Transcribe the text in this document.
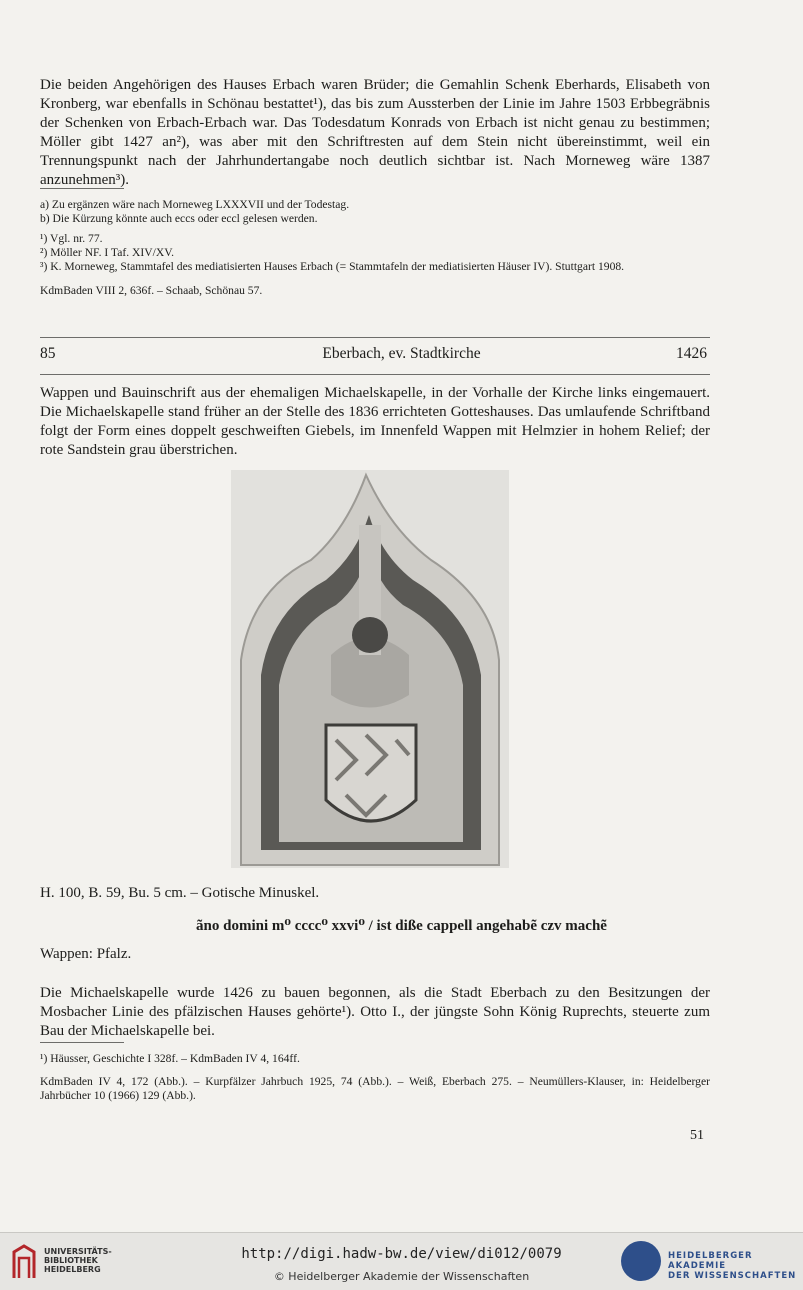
Die beiden Angehörigen des Hauses Erbach waren Brüder; die Gemahlin Schenk Eberhards, Elisabeth von Kronberg, war ebenfalls in Schönau bestattet¹), das bis zum Aussterben der Linie im Jahre 1503 Erbbegräbnis der Schenken von Erbach-Erbach war. Das Todesdatum Konrads von Erbach ist nicht genau zu bestimmen; Möller gibt 1427 an²), was aber mit den Schriftresten auf dem Stein nicht übereinstimmt, weil ein Trennungspunkt nach der Jahrhundertangabe noch deutlich sichtbar ist. Nach Morneweg wäre 1387 anzunehmen³).

a) Zu ergänzen wäre nach Morneweg LXXXVII und der Todestag.

b) Die Kürzung könnte auch eccs oder eccl gelesen werden.

¹) Vgl. nr. 77.

²) Möller NF. I Taf. XIV/XV.

³) K. Morneweg, Stammtafel des mediatisierten Hauses Erbach (= Stammtafeln der mediatisierten Häuser IV). Stuttgart 1908.

KdmBaden VIII 2, 636f. – Schaab, Schönau 57.

85	Eberbach, ev. Stadtkirche	1426

Wappen und Bauinschrift aus der ehemaligen Michaelskapelle, in der Vorhalle der Kirche links eingemauert. Die Michaelskapelle stand früher an der Stelle des 1836 errichteten Gotteshauses. Das umlaufende Schriftband folgt der Form eines doppelt geschweiften Giebels, im Innenfeld Wappen mit Helmzier in hohem Relief; der rote Sandstein grau überstrichen.

H. 100, B. 59, Bu. 5 cm. – Gotische Minuskel.

ãno domini m⁰ cccc⁰ xxvi⁰ / ist diße cappell angehabẽ czv machẽ

Wappen: Pfalz.

Die Michaelskapelle wurde 1426 zu bauen begonnen, als die Stadt Eberbach zu den Besitzungen der Mosbacher Linie des pfälzischen Hauses gehörte¹). Otto I., der jüngste Sohn König Ruprechts, steuerte zum Bau der Michaelskapelle bei.

¹) Häusser, Geschichte I 328f. – KdmBaden IV 4, 164ff.

KdmBaden IV 4, 172 (Abb.). – Kurpfälzer Jahrbuch 1925, 74 (Abb.). – Weiß, Eberbach 275. – Neumüllers-Klauser, in: Heidelberger Jahrbücher 10 (1966) 129 (Abb.).

51
UNIVERSITÄTS-
BIBLIOTHEK
HEIDELBERG
http://digi.hadw-bw.de/view/di012/0079
© Heidelberger Akademie der Wissenschaften
HEIDELBERGER AKADEMIE
DER WISSENSCHAFTEN
